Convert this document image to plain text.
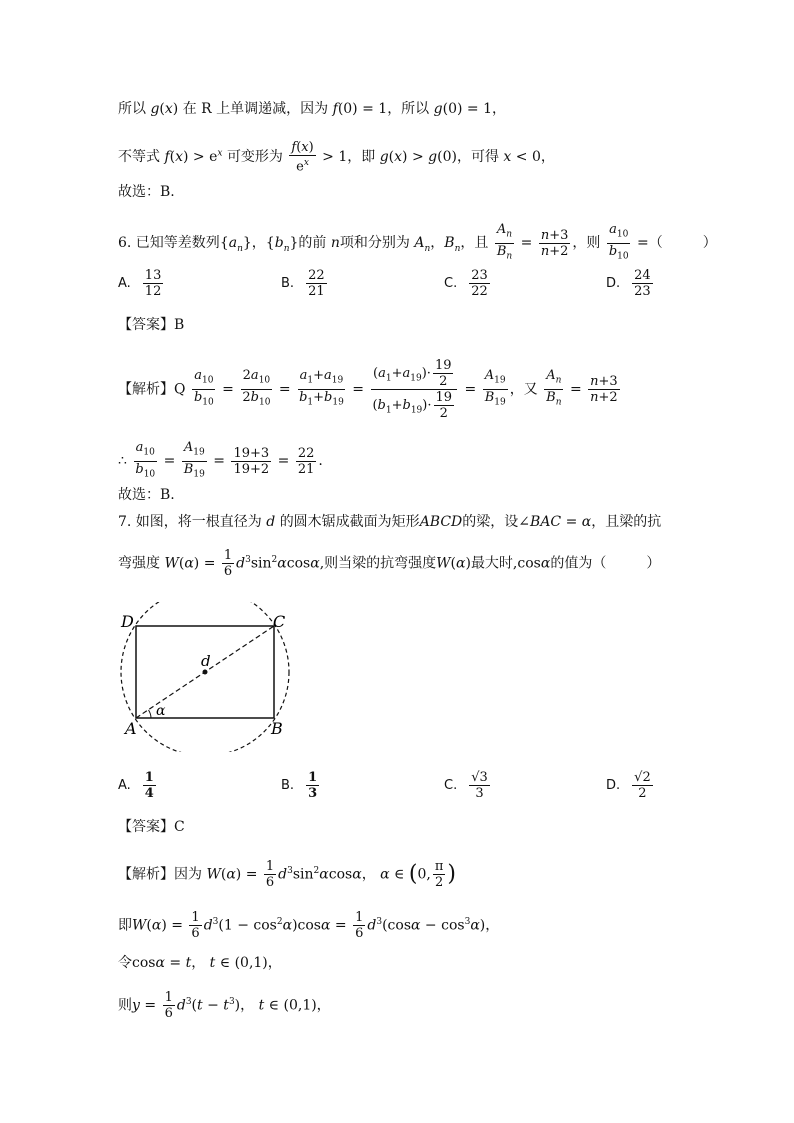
所以 g(x) 在 R 上单调递减，因为 f(0) = 1，所以 g(0) = 1，
不等式 $f(x) > e^x$ 可变形为 $\frac{f(x)}{e^x} > 1$，即 g(x) > g(0)，可得 x < 0，
故选：B.
6. 已知等差数列$\{a_n\}$，$\{b_n\}$的前 n项和分别为 $A_n$，$B_n$，且 $\frac{A_n}{B_n} = \frac{n+3}{n+2}$ ，则 $\frac{a_{10}}{b_{10}}$ =（	）
A. $\frac{13}{12}$	B. $\frac{22}{21}$	C. $\frac{23}{22}$	D. $\frac{24}{23}$
【答案】B
【解析】Q $\frac{a_{10}}{b_{10}} = \frac{2a_{10}}{2b_{10}} = \frac{a_1+a_{19}}{b_1+b_{19}} = \frac{(a_1+a_{19})\cdot \frac{19}{2}}{(b_1+b_{19})\cdot \frac{19}{2}} = \frac{A_{19}}{B_{19}}$ ，又 $\frac{A_n}{B_n} = \frac{n+3}{n+2}$
∴ $\frac{a_{10}}{b_{10}} = \frac{A_{19}}{B_{19}} = \frac{19+3}{19+2} = \frac{22}{21}$ .
故选：B.
7. 如图，将一根直径为 d 的圆木锯成截面为矩形ABCD的梁，设∠BAC = α，且梁的抗
弯强度 $W(\alpha) = \frac{1}{6} d^3\sin^2\alpha\cos\alpha$,则当梁的抗弯强度W(α)最大时,cosα的值为（	）
D	C
A	B
d
α
A. $\frac{1}{4}$	B. $\frac{1}{3}$	C. $\frac{√3}{3}$	D. $\frac{√2}{2}$
【答案】C
【解析】因为 $W(\alpha) = \frac{1}{6} d^3\sin^2\alpha\cos\alpha$， α ∈ (0, $\frac{\pi}{2}$ )
即$W(\alpha) = \frac{1}{6} d^3(1 - \cos^2\alpha)\cos\alpha = \frac{1}{6} d^3(\cos\alpha - \cos^3\alpha)$，
令cosα = t， t ∈ (0,1)，
则$y = \frac{1}{6} d^3(t - t^3)$， t ∈ (0,1)，
